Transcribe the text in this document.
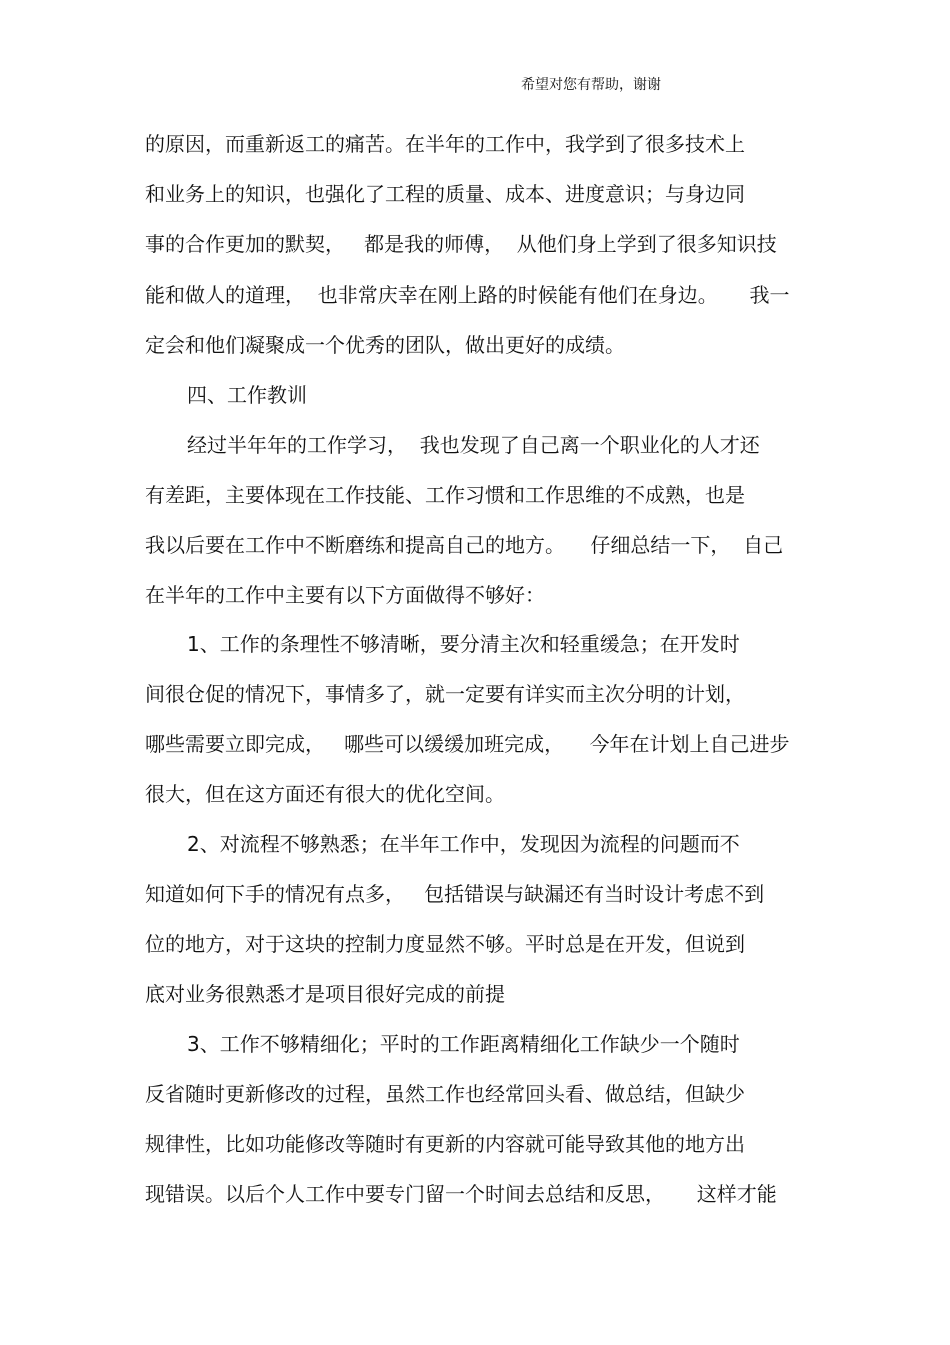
希望对您有帮助，谢谢
的原因，而重新返工的痛苦。在半年的工作中，我学到了很多技术上
和业务上的知识，也强化了工程的质量、成本、进度意识；与身边同
事的合作更加的默契，   都是我的师傅，  从他们身上学到了很多知识技
能和做人的道理，  也非常庆幸在刚上路的时候能有他们在身边。     我一
定会和他们凝聚成一个优秀的团队，做出更好的成绩。
四、工作教训
经过半年年的工作学习，  我也发现了自己离一个职业化的人才还
有差距，主要体现在工作技能、工作习惯和工作思维的不成熟，也是
我以后要在工作中不断磨练和提高自己的地方。    仔细总结一下，  自己
在半年的工作中主要有以下方面做得不够好：
1、工作的条理性不够清晰，要分清主次和轻重缓急；在开发时
间很仓促的情况下，事情多了，就一定要有详实而主次分明的计划，
哪些需要立即完成，   哪些可以缓缓加班完成，    今年在计划上自己进步
很大，但在这方面还有很大的优化空间。
2、对流程不够熟悉；在半年工作中，发现因为流程的问题而不
知道如何下手的情况有点多，   包括错误与缺漏还有当时设计考虑不到
位的地方，对于这块的控制力度显然不够。平时总是在开发，但说到
底对业务很熟悉才是项目很好完成的前提
3、工作不够精细化；平时的工作距离精细化工作缺少一个随时
反省随时更新修改的过程，虽然工作也经常回头看、做总结，但缺少
规律性，比如功能修改等随时有更新的内容就可能导致其他的地方出
现错误。以后个人工作中要专门留一个时间去总结和反思，     这样才能
